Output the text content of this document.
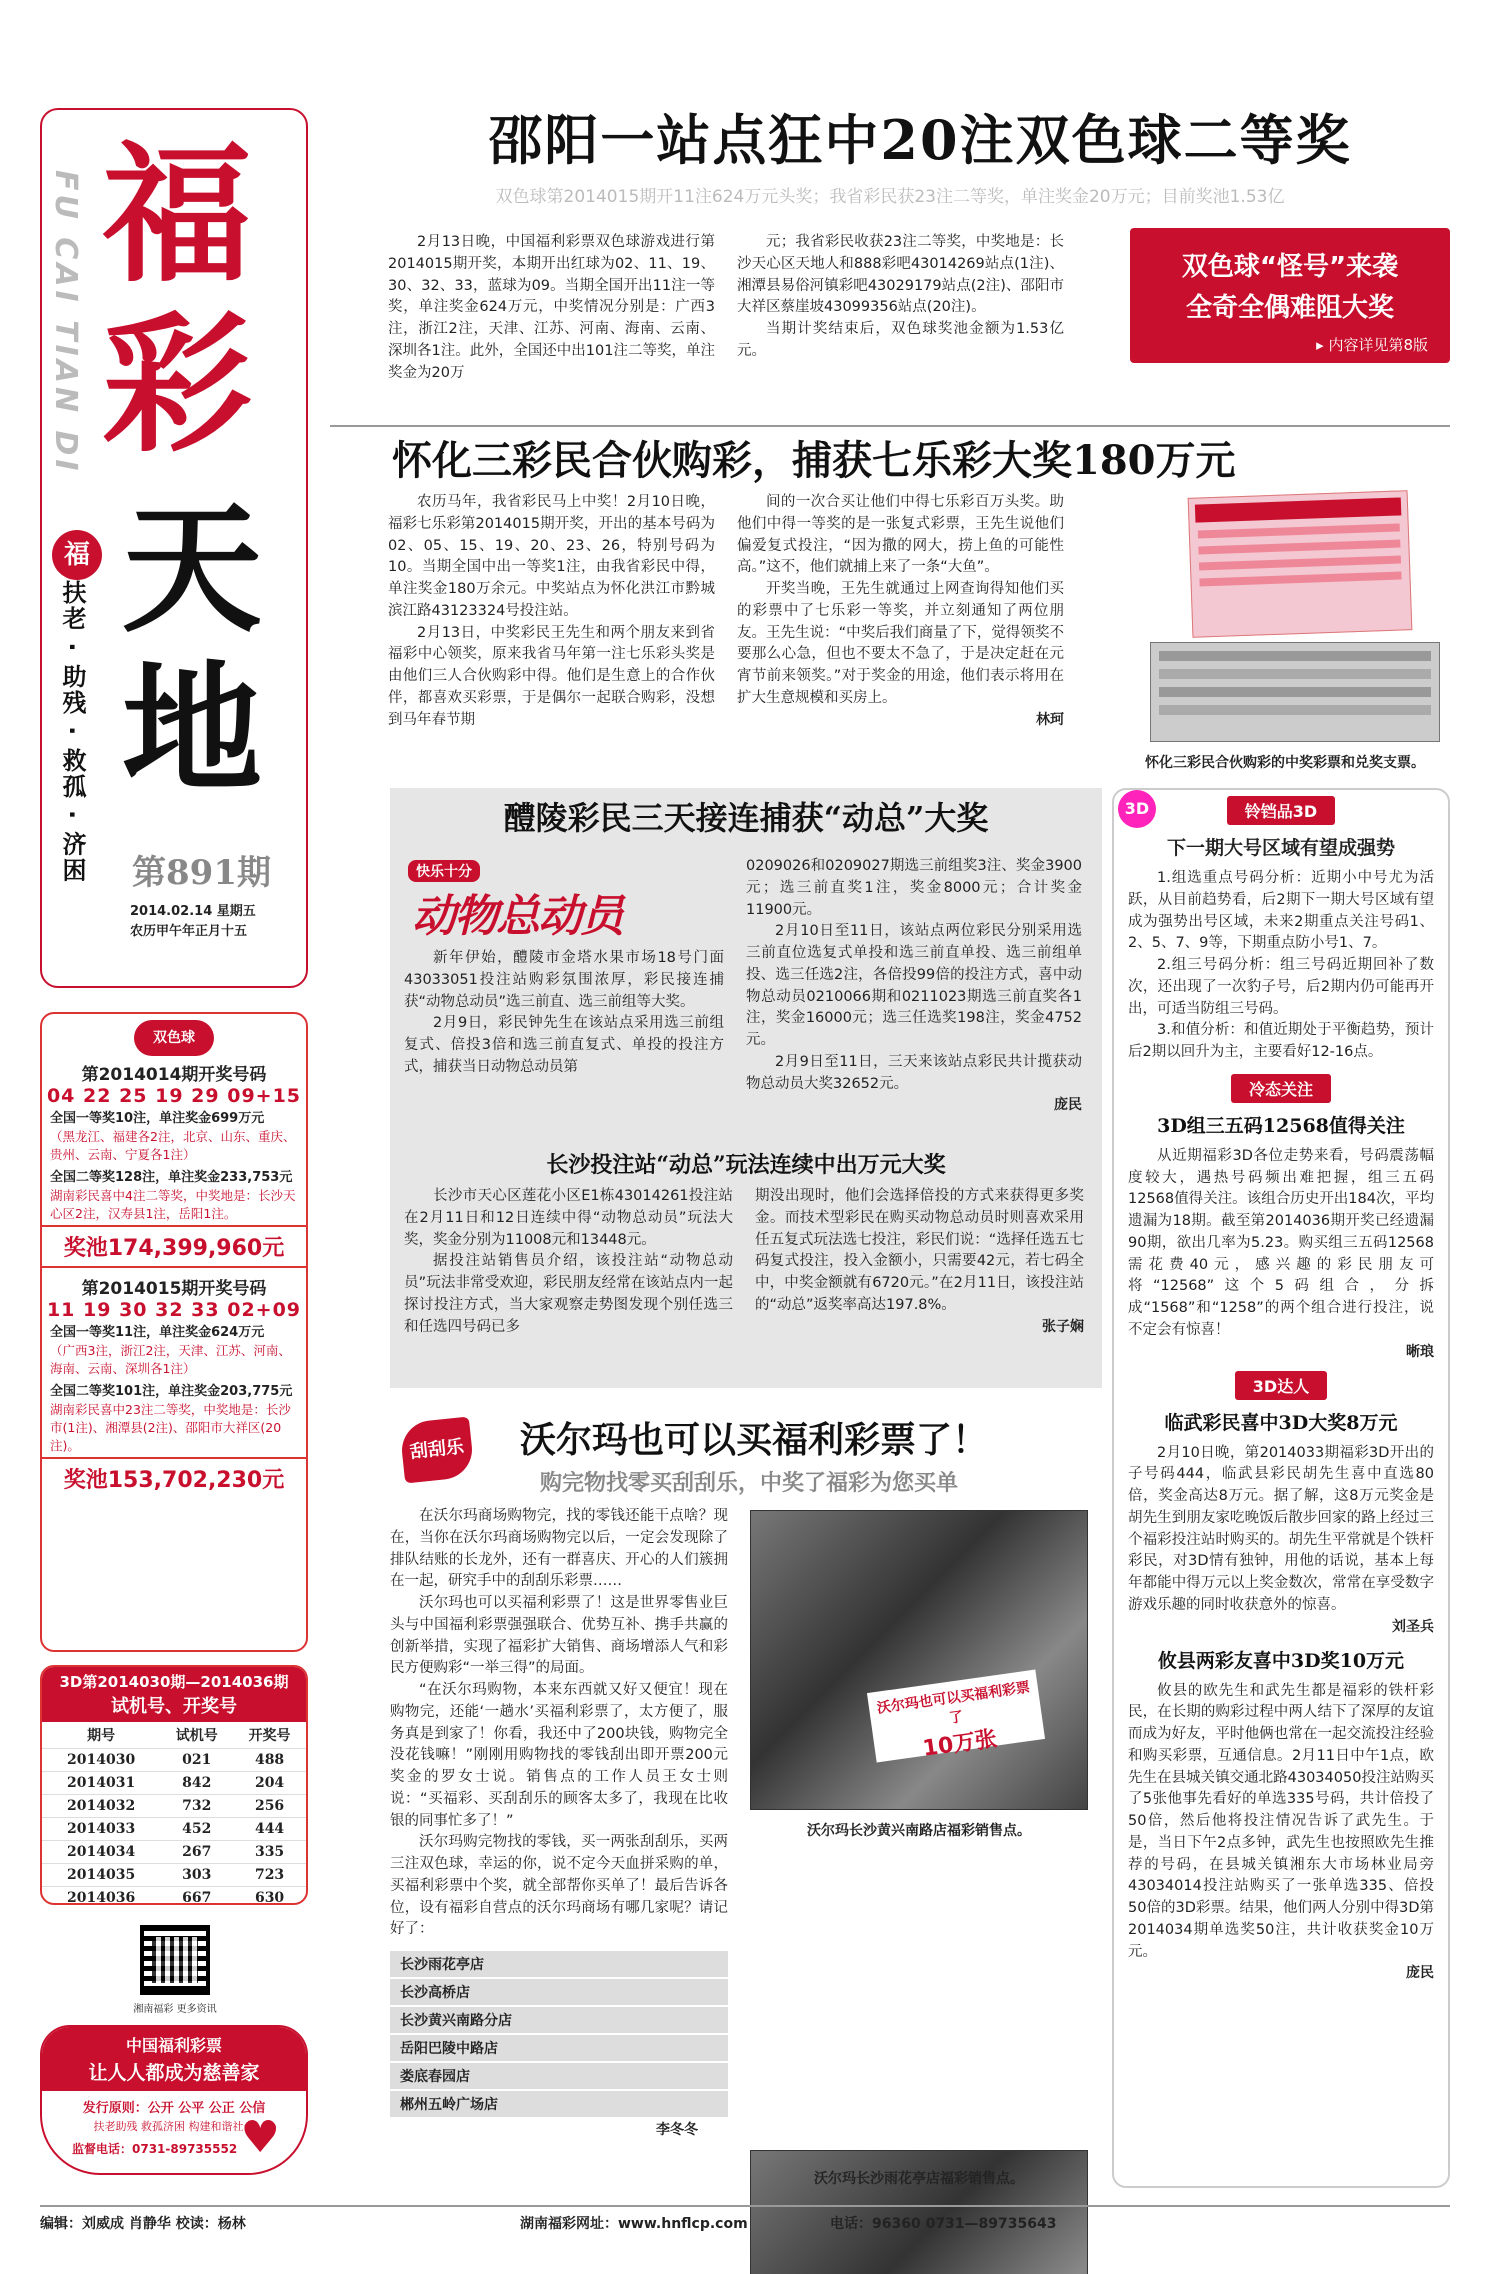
FU CAI TIAN DI 福
彩
福 天
地
扶老 · 助残 · 救孤 · 济困 第891期
2014.02.14 星期五
农历甲午年正月十五
邵阳一站点狂中20注双色球二等奖
双色球第2014015期开11注624万元头奖；我省彩民获23注二等奖，单注奖金20万元；目前奖池1.53亿

2月13日晚，中国福利彩票双色球游戏进行第2014015期开奖，本期开出红球为02、11、19、30、32、33，蓝球为09。当期全国开出11注一等奖，单注奖金624万元，中奖情况分别是：广西3注，浙江2注，天津、江苏、河南、海南、云南、深圳各1注。此外，全国还中出101注二等奖，单注奖金为20万

元；我省彩民收获23注二等奖，中奖地是：长沙天心区天地人和888彩吧43014269站点(1注)、湘潭县易俗河镇彩吧43029179站点(2注)、邵阳市大祥区蔡崖坡43099356站点(20注)。

当期计奖结束后，双色球奖池金额为1.53亿元。

双色球“怪号”来袭
全奇全偶难阻大奖
▸ 内容详见第8版
怀化三彩民合伙购彩，捕获七乐彩大奖180万元

农历马年，我省彩民马上中奖！2月10日晚，福彩七乐彩第2014015期开奖，开出的基本号码为02、05、15、19、20、23、26，特别号码为10。当期全国中出一等奖1注，由我省彩民中得，单注奖金180万余元。中奖站点为怀化洪江市黔城滨江路43123324号投注站。

2月13日，中奖彩民王先生和两个朋友来到省福彩中心领奖，原来我省马年第一注七乐彩头奖是由他们三人合伙购彩中得。他们是生意上的合作伙伴，都喜欢买彩票，于是偶尔一起联合购彩，没想到马年春节期

间的一次合买让他们中得七乐彩百万头奖。助他们中得一等奖的是一张复式彩票，王先生说他们偏爱复式投注，“因为撒的网大，捞上鱼的可能性高。”这不，他们就捕上来了一条“大鱼”。

开奖当晚，王先生就通过上网查询得知他们买的彩票中了七乐彩一等奖，并立刻通知了两位朋友。王先生说：“中奖后我们商量了下，觉得领奖不要那么心急，但也不要太不急了，于是决定赶在元宵节前来领奖。”对于奖金的用途，他们表示将用在扩大生意规模和买房上。

林珂

怀化三彩民合伙购彩的中奖彩票和兑奖支票。
醴陵彩民三天接连捕获“动总”大奖
快乐十分
动物总动员

新年伊始，醴陵市金塔水果市场18号门面43033051投注站购彩氛围浓厚，彩民接连捕获“动物总动员”选三前直、选三前组等大奖。

2月9日，彩民钟先生在该站点采用选三前组复式、倍投3倍和选三前直复式、单投的投注方式，捕获当日动物总动员第

0209026和0209027期选三前组奖3注、奖金3900元；选三前直奖1注，奖金8000元；合计奖金11900元。

2月10日至11日，该站点两位彩民分别采用选三前直位选复式单投和选三前直单投、选三前组单投、选三任选2注，各倍投99倍的投注方式，喜中动物总动员0210066期和0211023期选三前直奖各1注，奖金16000元；选三任选奖198注，奖金4752元。

2月9日至11日，三天来该站点彩民共计揽获动物总动员大奖32652元。

庞民

长沙投注站“动总”玩法连续中出万元大奖

长沙市天心区莲花小区E1栋43014261投注站在2月11日和12日连续中得“动物总动员”玩法大奖，奖金分别为11008元和13448元。

据投注站销售员介绍，该投注站“动物总动员”玩法非常受欢迎，彩民朋友经常在该站点内一起探讨投注方式，当大家观察走势图发现个别任选三和任选四号码已多

期没出现时，他们会选择倍投的方式来获得更多奖金。而技术型彩民在购买动物总动员时则喜欢采用任五复式玩法选七投注，彩民们说：“选择任选五七码复式投注，投入金额小，只需要42元，若七码全中，中奖金额就有6720元。”在2月11日，该投注站的“动总”返奖率高达197.8%。

张子娴

刮刮乐 沃尔玛也可以买福利彩票了！
购完物找零买刮刮乐，中奖了福彩为您买单

在沃尔玛商场购物完，找的零钱还能干点啥？现在，当你在沃尔玛商场购物完以后，一定会发现除了排队结账的长龙外，还有一群喜庆、开心的人们簇拥在一起，研究手中的刮刮乐彩票……

沃尔玛也可以买福利彩票了！这是世界零售业巨头与中国福利彩票强强联合、优势互补、携手共赢的创新举措，实现了福彩扩大销售、商场增添人气和彩民方便购彩“一举三得”的局面。

“在沃尔玛购物，本来东西就又好又便宜！现在购物完，还能‘一趟水’买福利彩票了，太方便了，服务真是到家了！你看，我还中了200块钱，购物完全没花钱嘛！”刚刚用购物找的零钱刮出即开票200元奖金的罗女士说。销售点的工作人员王女士则说：“买福彩、买刮刮乐的顾客太多了，我现在比收银的同事忙多了！”

沃尔玛购完物找的零钱，买一两张刮刮乐，买两三注双色球，幸运的你，说不定今天血拼采购的单，买福利彩票中个奖，就全部帮你买单了！最后告诉各位，设有福彩自营点的沃尔玛商场有哪几家呢？请记好了：

长沙雨花亭店
长沙高桥店
长沙黄兴南路分店
岳阳巴陵中路店
娄底春园店
郴州五岭广场店
李冬冬
沃尔玛也可以买福利彩票了
10万张
沃尔玛长沙黄兴南路店福彩销售点。
沃尔玛长沙雨花亭店福彩销售点。
双色球
第2014014期开奖号码
04 22 25 19 29 09+15
全国一等奖10注，单注奖金699万元
（黑龙江、福建各2注，北京、山东、重庆、贵州、云南、宁夏各1注）
全国二等奖128注，单注奖金233,753元
湖南彩民喜中4注二等奖，中奖地是：长沙天心区2注，汉寿县1注，岳阳1注。
奖池174,399,960元
第2014015期开奖号码
11 19 30 32 33 02+09
全国一等奖11注，单注奖金624万元
（广西3注，浙江2注，天津、江苏、河南、海南、云南、深圳各1注）
全国二等奖101注，单注奖金203,775元
湖南彩民喜中23注二等奖，中奖地是：长沙市(1注)、湘潭县(2注)、邵阳市大祥区(20注)。
奖池153,702,230元
3D第2014030期—2014036期
试机号、开奖号
期号	试机号	开奖号
2014030	021	488
2014031	842	204
2014032	732	256
2014033	452	444
2014034	267	335
2014035	303	723
2014036	667	630
湘南福彩 更多资讯
中国福利彩票
让人人都成为慈善家
发行原则：公开 公平 公正 公信
扶老助残 救孤济困 构建和谐社会
监督电话：0731-89735552 ♥
3D	铃铛品3D
下一期大号区域有望成强势

1.组选重点号码分析：近期小中号尤为活跃，从目前趋势看，后2期下一期大号区域有望成为强势出号区域，未来2期重点关注号码1、2、5、7、9等，下期重点防小号1、7。

2.组三号码分析：组三号码近期回补了数次，还出现了一次豹子号，后2期内仍可能再开出，可适当防组三号码。

3.和值分析：和值近期处于平衡趋势，预计后2期以回升为主，主要看好12-16点。

冷态关注
3D组三五码12568值得关注

从近期福彩3D各位走势来看，号码震荡幅度较大，遇热号码频出难把握，组三五码12568值得关注。该组合历史开出184次，平均遗漏为18期。截至第2014036期开奖已经遗漏90期，欲出几率为5.23。购买组三五码12568需花费40元，感兴趣的彩民朋友可将“12568”这个5码组合，分拆成“1568”和“1258”的两个组合进行投注，说不定会有惊喜！

晰琅

3D达人
临武彩民喜中3D大奖8万元

2月10日晚，第2014033期福彩3D开出的子号码444，临武县彩民胡先生喜中直选80倍，奖金高达8万元。据了解，这8万元奖金是胡先生到朋友家吃晚饭后散步回家的路上经过三个福彩投注站时购买的。胡先生平常就是个铁杆彩民，对3D情有独钟，用他的话说，基本上每年都能中得万元以上奖金数次，常常在享受数字游戏乐趣的同时收获意外的惊喜。

刘圣兵

攸县两彩友喜中3D奖10万元

攸县的欧先生和武先生都是福彩的铁杆彩民，在长期的购彩过程中两人结下了深厚的友谊而成为好友，平时他俩也常在一起交流投注经验和购买彩票，互通信息。2月11日中午1点，欧先生在县城关镇交通北路43034050投注站购买了5张他事先看好的单选335号码，共计倍投了50倍，然后他将投注情况告诉了武先生。于是，当日下午2点多钟，武先生也按照欧先生推荐的号码，在县城关镇湘东大市场林业局旁43034014投注站购买了一张单选335、倍投50倍的3D彩票。结果，他们两人分别中得3D第2014034期单选奖50注，共计收获奖金10万元。

庞民

编辑：刘威成 肖静华 校读：杨林	湖南福彩网址：www.hnflcp.com	电话：96360 0731—89735643
